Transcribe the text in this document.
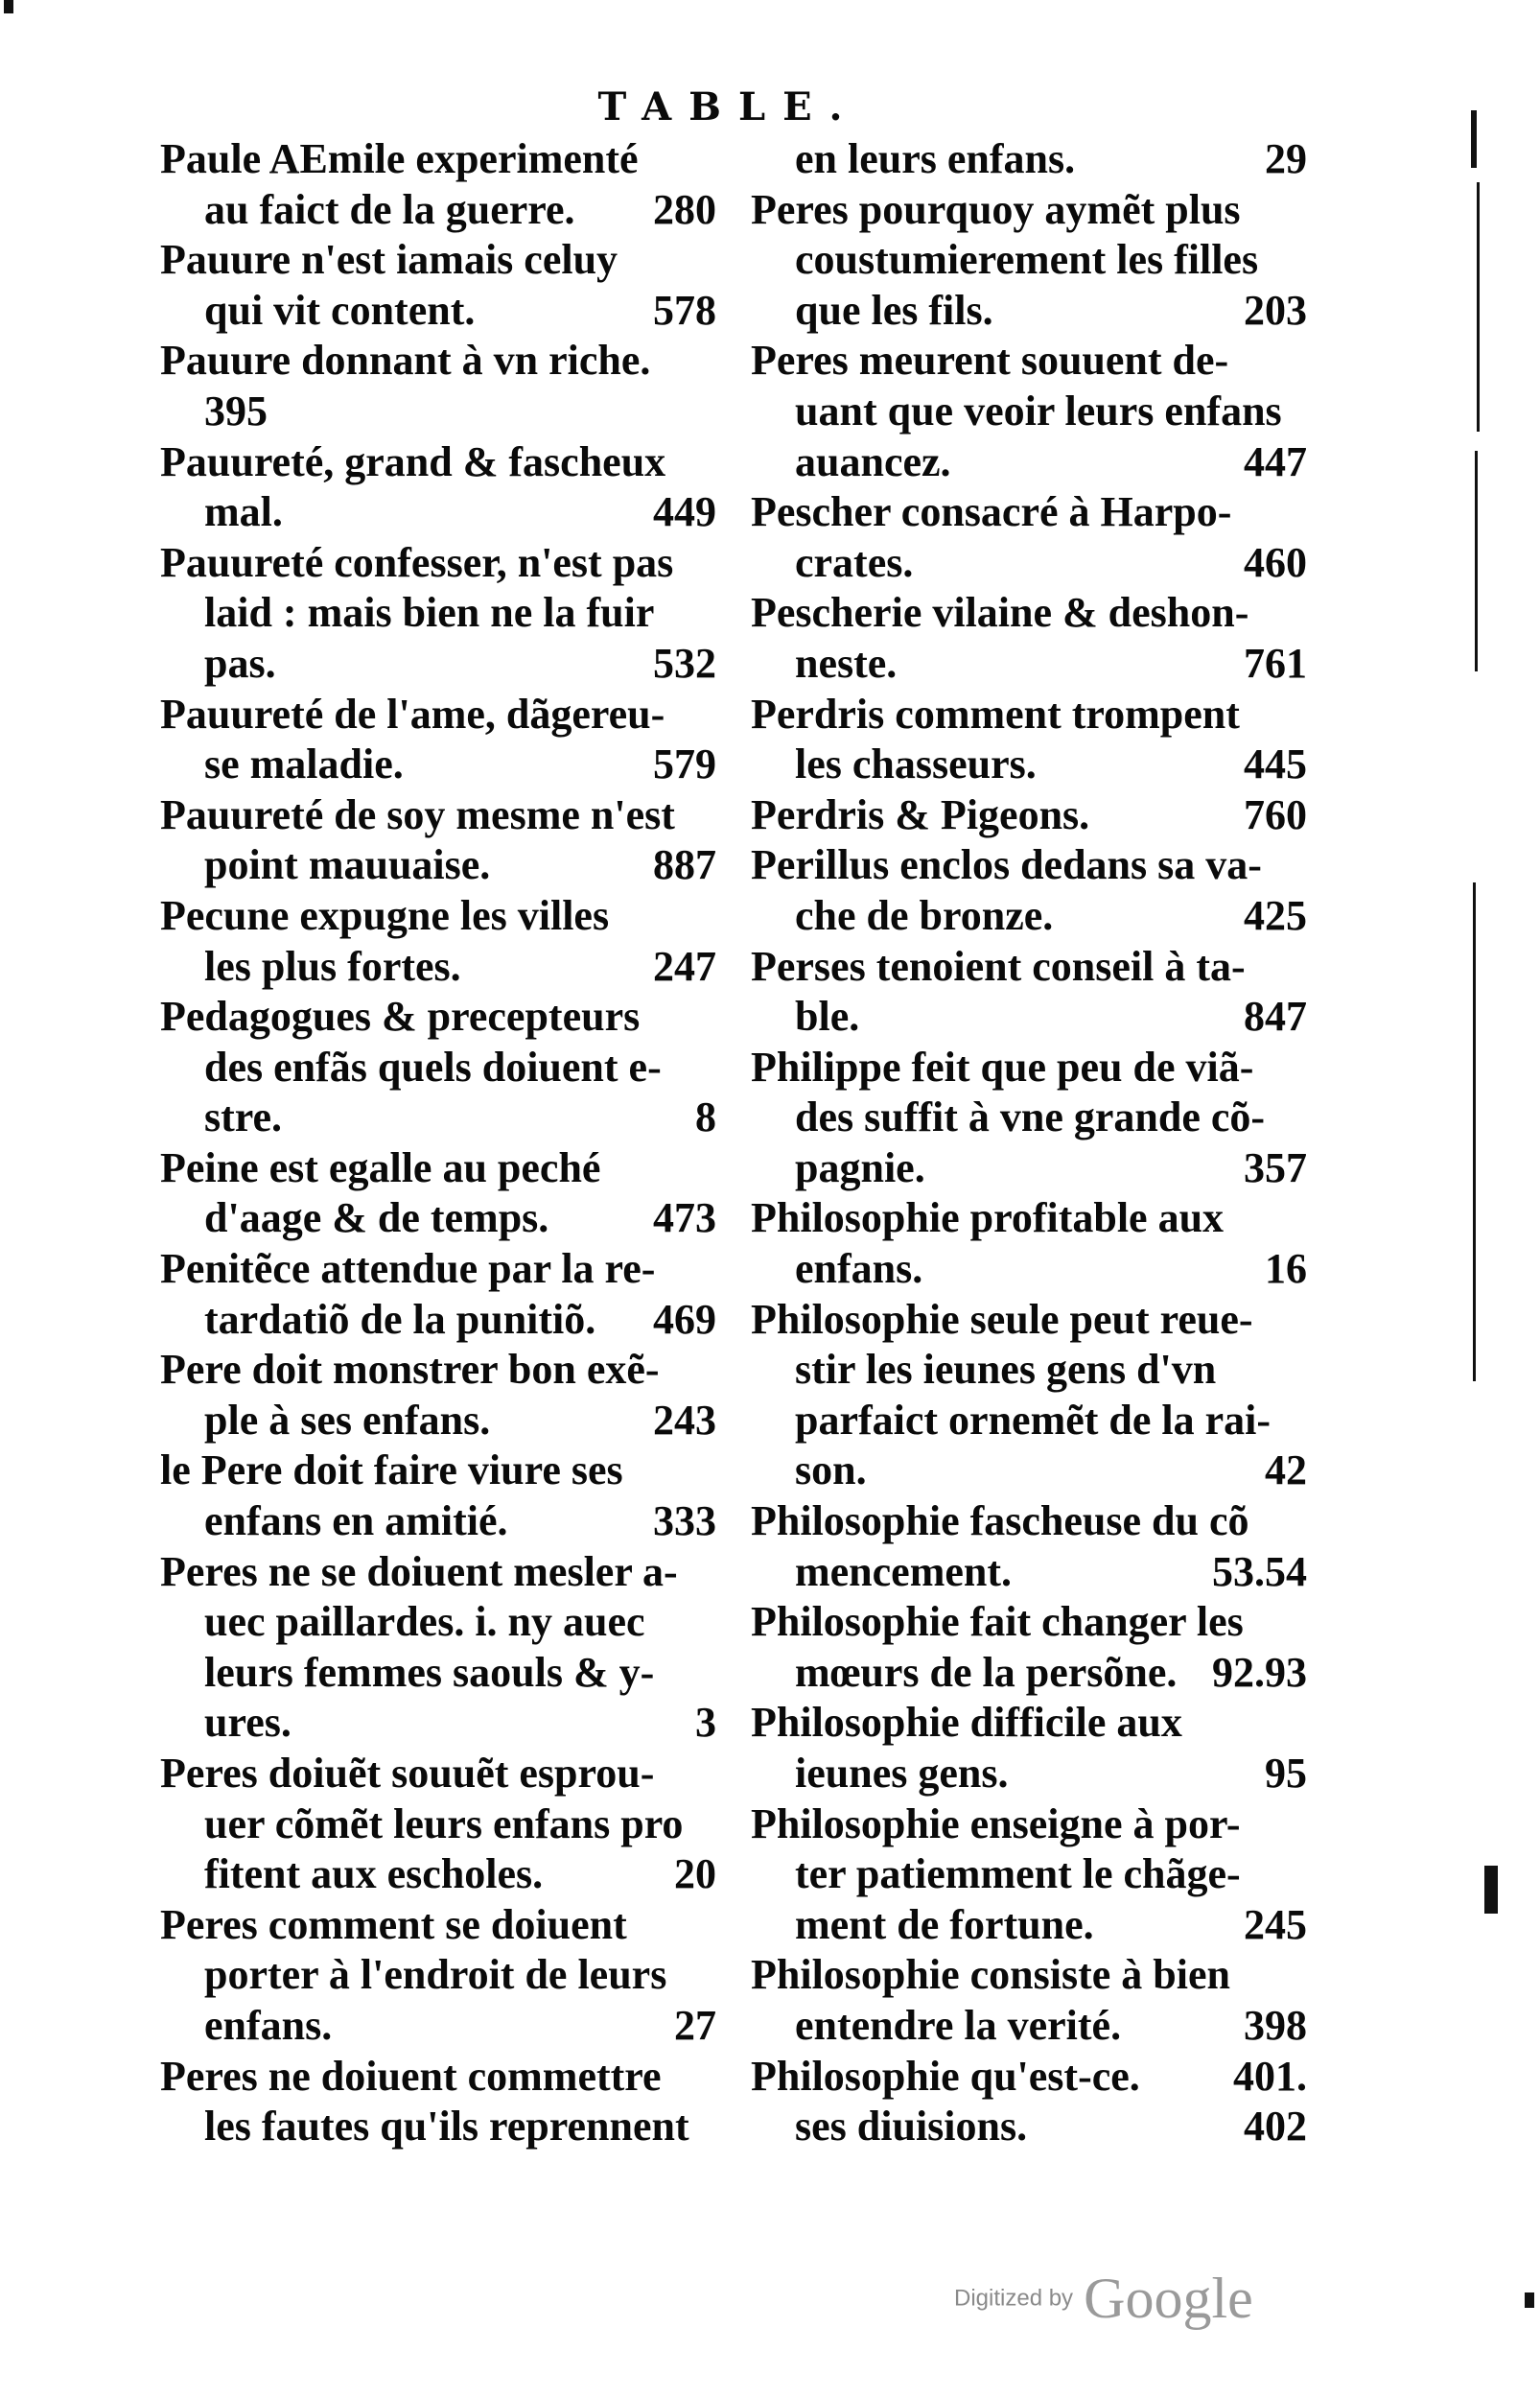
TABLE.
Paule AEmile experimenté
au faict de la guerre. 280
Pauure n'est iamais celuy
qui vit content.	578
Pauure donnant à vn riche.
395
Pauureté, grand & fascheux
mal.	449
Pauureté confesser, n'est pas
laid : mais bien ne la fuir
pas.	532
Pauureté de l'ame, dãgereu-
se maladie.	579
Pauureté de soy mesme n'est
point mauuaise.	887
Pecune expugne les villes
les plus fortes.	247
Pedagogues & precepteurs
des enfãs quels doiuent e-
stre.	8
Peine est egalle au peché
d'aage & de temps. 473
Penitẽce attendue par la re-
tardatiõ de la punitiõ. 469
Pere doit monstrer bon exẽ-
ple à ses enfans.	243
le Pere doit faire viure ses
enfans en amitié.	333
Peres ne se doiuent mesler a-
uec paillardes. i. ny auec
leurs femmes saouls & y-
ures.	3
Peres doiuẽt souuẽt esprou-
uer cõmẽt leurs enfans pro
fitent aux escholes.	20
Peres comment se doiuent
porter à l'endroit de leurs
enfans.	27
Peres ne doiuent commettre
les fautes qu'ils reprennent
en leurs enfans.	29
Peres pourquoy aymẽt plus
coustumierement les filles
que les fils.	203
Peres meurent souuent de-
uant que veoir leurs enfans
auancez.	447
Pescher consacré à Harpo-
crates.	460
Pescherie vilaine & deshon-
neste.	761
Perdris comment trompent
les chasseurs.	445
Perdris & Pigeons.	760
Perillus enclos dedans sa va-
che de bronze.	425
Perses tenoient conseil à ta-
ble.	847
Philippe feit que peu de viã-
des suffit à vne grande cõ-
pagnie.	357
Philosophie profitable aux
enfans.	16
Philosophie seule peut reue-
stir les ieunes gens d'vn
parfaict ornemẽt de la rai-
son.	42
Philosophie fascheuse du cõ
mencement.	53.54
Philosophie fait changer les
mœurs de la persõne. 92.93
Philosophie difficile aux
ieunes gens.	95
Philosophie enseigne à por-
ter patiemment le chãge-
ment de fortune.	245
Philosophie consiste à bien
entendre la verité.	398
Philosophie qu'est-ce. 401.
ses diuisions.	402
Digitized by Google
